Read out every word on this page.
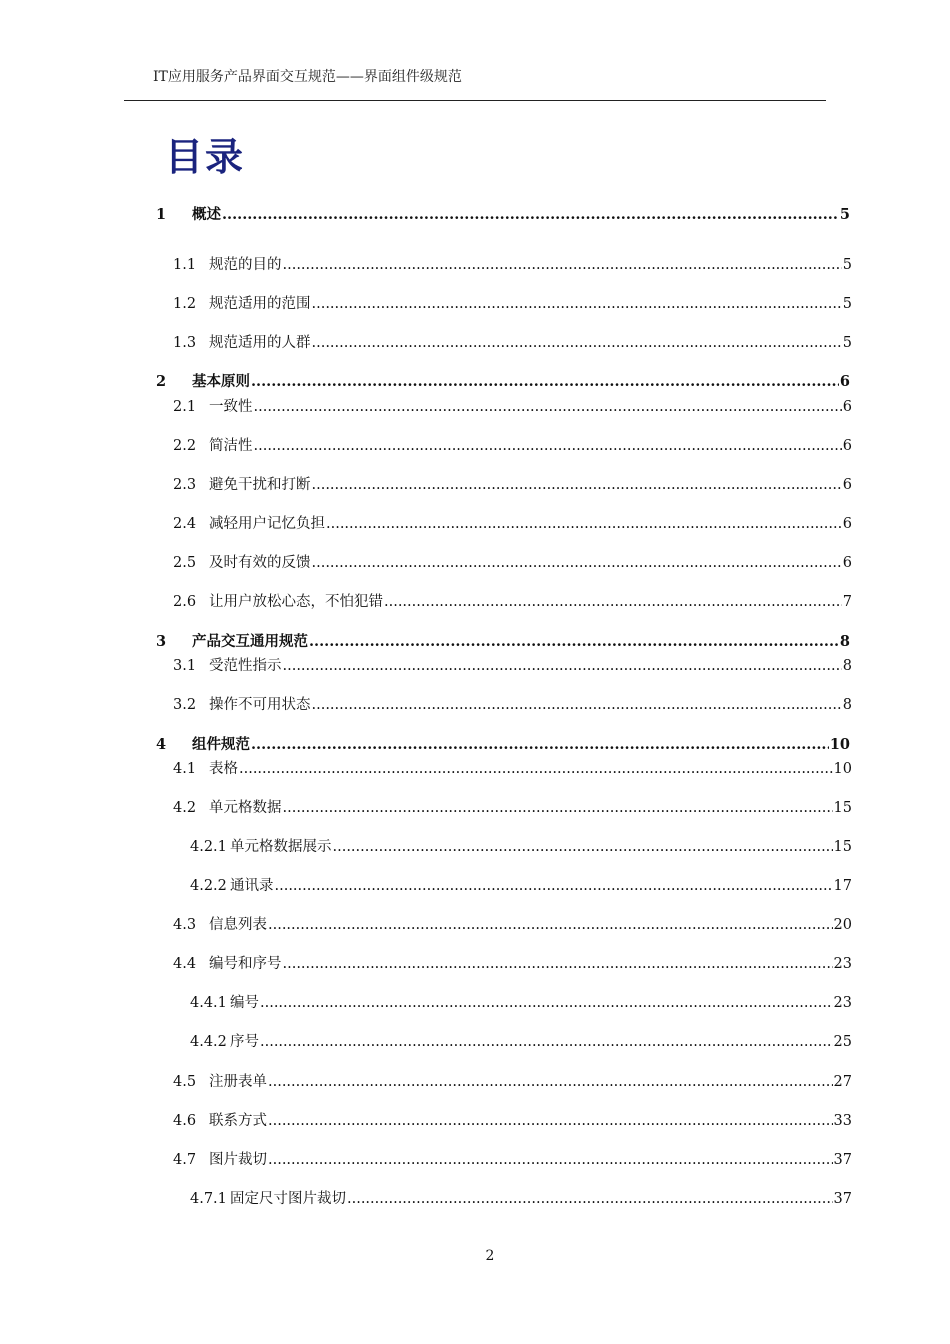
IT应用服务产品界面交互规范——界面组件级规范
目录
1	概述 .....	5
1.1 规范的目的 .....	5
1.2 规范适用的范围 .....	5
1.3 规范适用的人群 .....	5
2	基本原则 .....	6
2.1 一致性 .....	6
2.2 简洁性 .....	6
2.3 避免干扰和打断 .....	6
2.4 减轻用户记忆负担 .....	6
2.5 及时有效的反馈 .....	6
2.6 让用户放松心态，不怕犯错 .....	7
3	产品交互通用规范 .....	8
3.1 受范性指示 .....	8
3.2 操作不可用状态 .....	8
4	组件规范 .....	10
4.1 表格 .....	10
4.2 单元格数据 .....	15
4.2.1 单元格数据展示 .....	15
4.2.2 通讯录 .....	17
4.3 信息列表 .....	20
4.4 编号和序号 .....	23
4.4.1 编号 .....	23
4.4.2 序号 .....	25
4.5 注册表单 .....	27
4.6 联系方式 .....	33
4.7 图片裁切 .....	37
4.7.1 固定尺寸图片裁切 .....	37
2
